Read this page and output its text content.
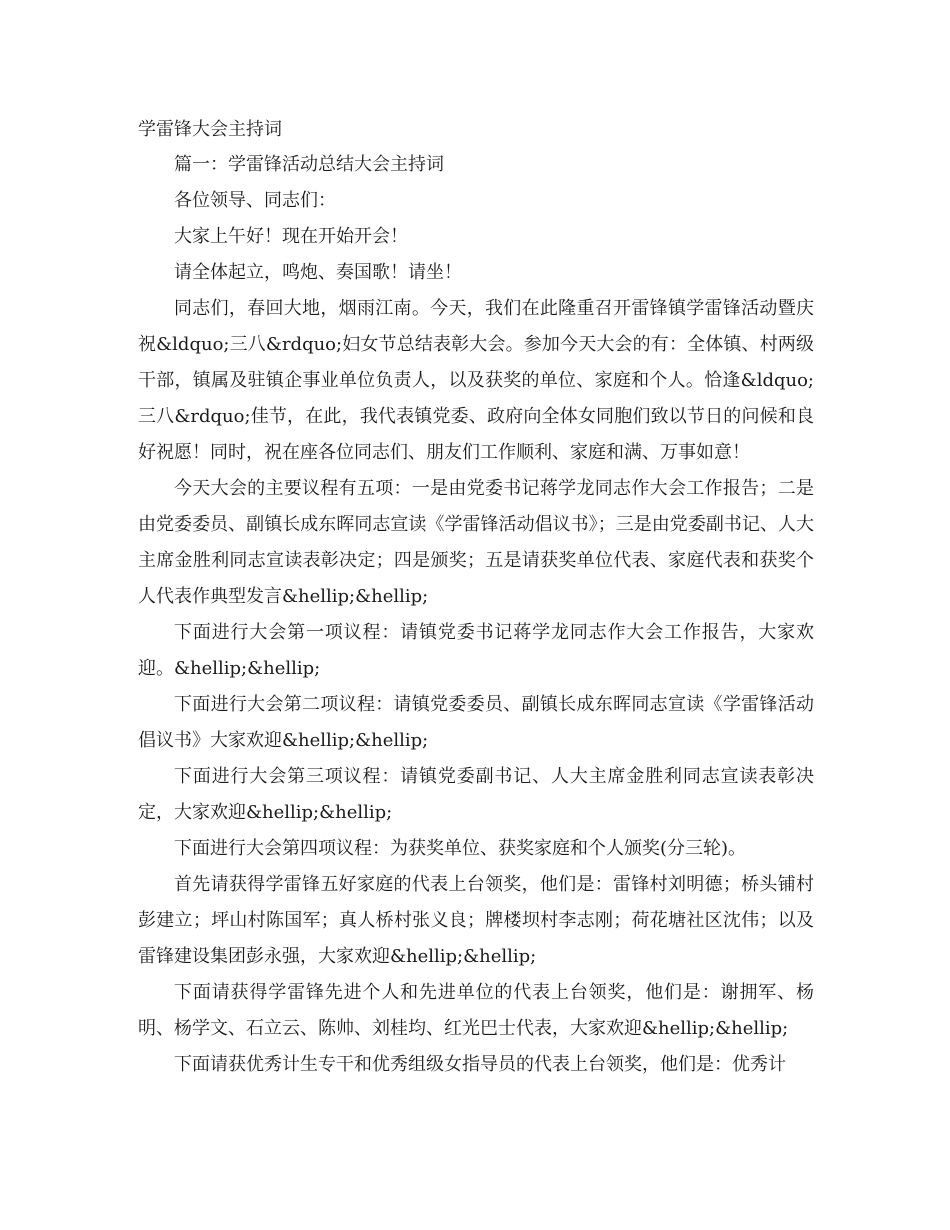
学雷锋大会主持词

篇一：学雷锋活动总结大会主持词

各位领导、同志们：

大家上午好！现在开始开会！

请全体起立，鸣炮、奏国歌！请坐！

同志们，春回大地，烟雨江南。今天，我们在此隆重召开雷锋镇学雷锋活动暨庆祝&ldquo;三八&rdquo;妇女节总结表彰大会。参加今天大会的有：全体镇、村两级干部，镇属及驻镇企事业单位负责人，以及获奖的单位、家庭和个人。恰逢&ldquo;三八&rdquo;佳节，在此，我代表镇党委、政府向全体女同胞们致以节日的问候和良好祝愿！同时，祝在座各位同志们、朋友们工作顺利、家庭和满、万事如意！

今天大会的主要议程有五项：一是由党委书记蒋学龙同志作大会工作报告；二是由党委委员、副镇长成东晖同志宣读《学雷锋活动倡议书》；三是由党委副书记、人大主席金胜利同志宣读表彰决定；四是颁奖；五是请获奖单位代表、家庭代表和获奖个人代表作典型发言&hellip;&hellip;

下面进行大会第一项议程：请镇党委书记蒋学龙同志作大会工作报告，大家欢迎。&hellip;&hellip;

下面进行大会第二项议程：请镇党委委员、副镇长成东晖同志宣读《学雷锋活动倡议书》大家欢迎&hellip;&hellip;

下面进行大会第三项议程：请镇党委副书记、人大主席金胜利同志宣读表彰决定，大家欢迎&hellip;&hellip;

下面进行大会第四项议程：为获奖单位、获奖家庭和个人颁奖(分三轮)。

首先请获得学雷锋五好家庭的代表上台领奖，他们是：雷锋村刘明德；桥头铺村彭建立；坪山村陈国军；真人桥村张义良；牌楼坝村李志刚；荷花塘社区沈伟；以及雷锋建设集团彭永强，大家欢迎&hellip;&hellip;

下面请获得学雷锋先进个人和先进单位的代表上台领奖，他们是：谢拥军、杨明、杨学文、石立云、陈帅、刘桂均、红光巴士代表，大家欢迎&hellip;&hellip;

下面请获优秀计生专干和优秀组级女指导员的代表上台领奖，他们是：优秀计
